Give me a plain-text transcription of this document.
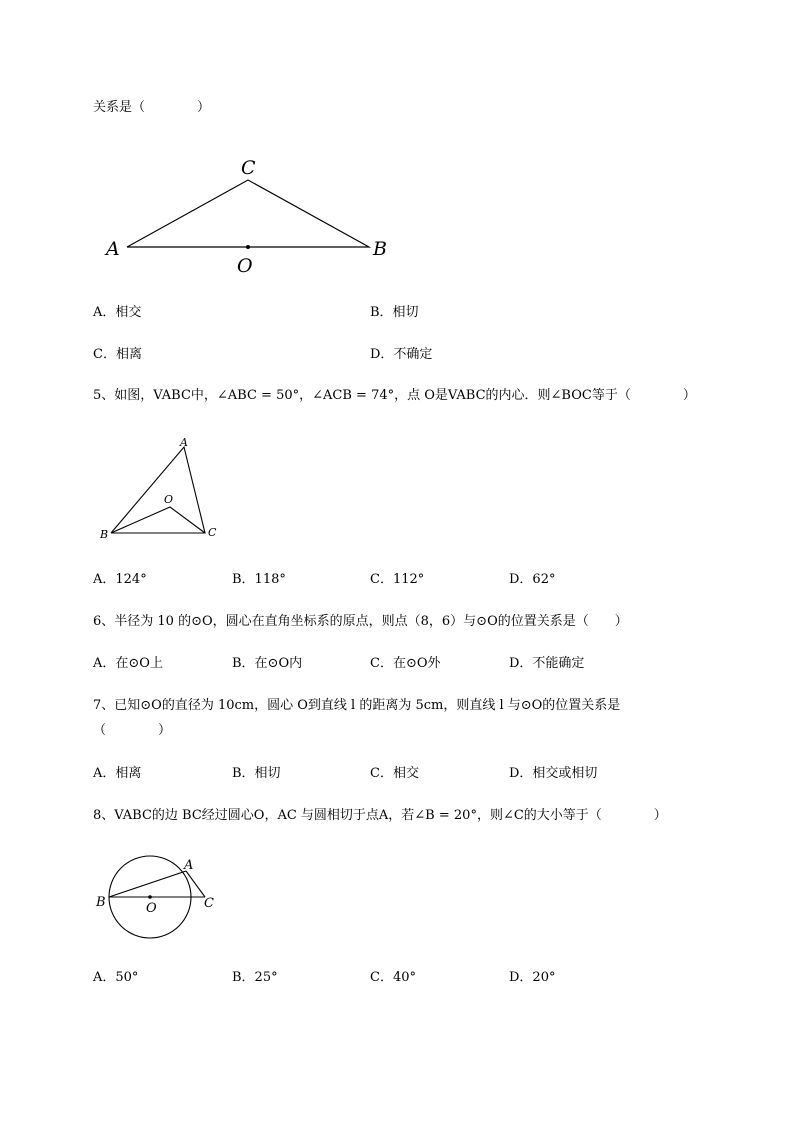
关系是（　　　　）
C
A
O
B
A．相交	B．相切
C．相离	D．不确定
5、如图，VABC中，∠ABC = 50°，∠ACB = 74°，点 O是VABC的内心．则∠BOC等于（　　　　）
A
O
B	C
A．124°	B．118°	C．112°	D．62°
6、半径为 10 的⊙O，圆心在直角坐标系的原点，则点（8，6）与⊙O的位置关系是（　　）
A．在⊙O上	B．在⊙O内	C．在⊙O外	D．不能确定
7、已知⊙O的直径为 10cm，圆心 O到直线 l 的距离为 5cm，则直线 l 与⊙O的位置关系是
（　　　　）
A．相离	B．相切	C．相交	D．相交或相切
8、VABC的边 BC经过圆心O，AC 与圆相切于点A，若∠B = 20°，则∠C的大小等于（　　　　）
A
B	O	C
A．50°	B．25°	C．40°	D．20°
